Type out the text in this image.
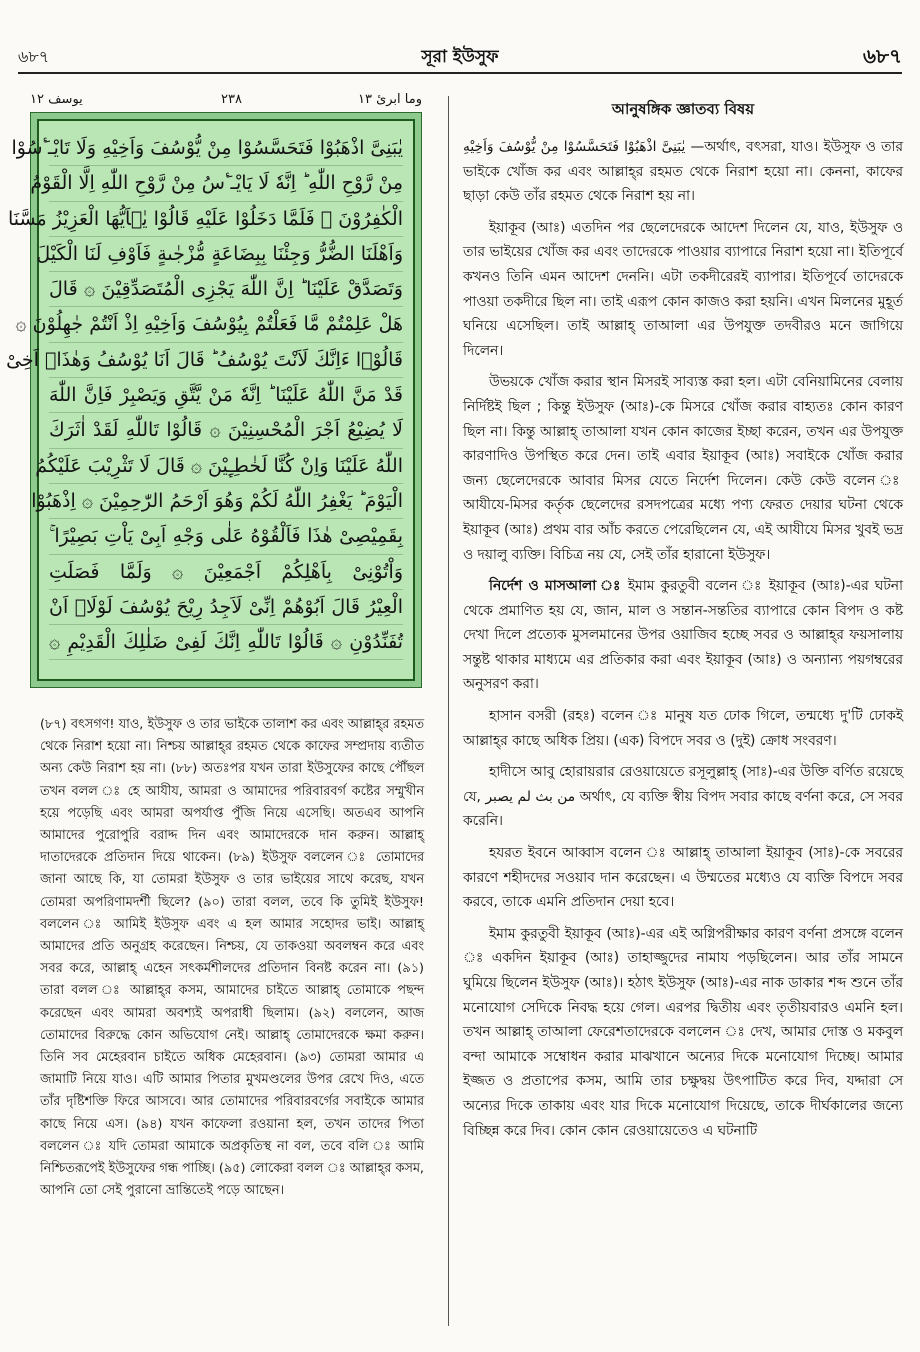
৬৮৭	সূরা ইউসুফ	৬৮৭
وما ابرئ ١٣
٢٣٨
يوسف ١٢
يٰبَنِىَّ اذْهَبُوْا فَتَحَسَّسُوْا مِنْ يُّوْسُفَ وَاَخِيْهِ وَلَا تَايْـٴَسُوْا
مِنْ رَّوْحِ اللّٰهِ ؕ اِنَّهٗ لَا يَايْـٴَسُ مِنْ رَّوْحِ اللّٰهِ اِلَّا الْقَوْمُ
الْكٰفِرُوْنَ ۞ فَلَمَّا دَخَلُوْا عَلَيْهِ قَالُوْا يٰۤاَيُّهَا الْعَزِيْزُ مَسَّنَا
وَاَهْلَنَا الضُّرُّ وَجِئْنَا بِبِضَاعَةٍ مُّزْجٰىةٍ فَاَوْفِ لَنَا الْكَيْلَ
وَتَصَدَّقْ عَلَيْنَا ؕ اِنَّ اللّٰهَ يَجْزِى الْمُتَصَدِّقِيْنَ ۞ قَالَ
هَلْ عَلِمْتُمْ مَّا فَعَلْتُمْ بِيُوْسُفَ وَاَخِيْهِ اِذْ اَنْتُمْ جٰهِلُوْنَ ۞
قَالُوْۤا ءَاِنَّكَ لَاَنْتَ يُوْسُفُ ؕ قَالَ اَنَا يُوْسُفُ وَهٰذَاۤ اَخِىْ
قَدْ مَنَّ اللّٰهُ عَلَيْنَا ؕ اِنَّهٗ مَنْ يَّتَّقِ وَيَصْبِرْ فَاِنَّ اللّٰهَ
لَا يُضِيْعُ اَجْرَ الْمُحْسِنِيْنَ ۞ قَالُوْا تَاللّٰهِ لَقَدْ اٰثَرَكَ
اللّٰهُ عَلَيْنَا وَاِنْ كُنَّا لَخٰطِـِٕيْنَ ۞ قَالَ لَا تَثْرِيْبَ عَلَيْكُمُ
الْيَوْمَ ؕ يَغْفِرُ اللّٰهُ لَكُمْ وَهُوَ اَرْحَمُ الرّٰحِمِيْنَ ۞ اِذْهَبُوْا
بِقَمِيْصِىْ هٰذَا فَاَلْقُوْهُ عَلٰى وَجْهِ اَبِىْ يَاْتِ بَصِيْرًا ۚ
وَاْتُوْنِىْ بِاَهْلِكُمْ اَجْمَعِيْنَ ۞ وَلَمَّا فَصَلَتِ
الْعِيْرُ قَالَ اَبُوْهُمْ اِنِّىْ لَاَجِدُ رِيْحَ يُوْسُفَ لَوْلَاۤ اَنْ
تُفَنِّدُوْنِ ۞ قَالُوْا تَاللّٰهِ اِنَّكَ لَفِىْ ضَلٰلِكَ الْقَدِيْمِ ۞

(৮৭) বৎসগণ! যাও, ইউসুফ ও তার ভাইকে তালাশ কর এবং আল্লাহ্‌র রহমত থেকে নিরাশ হয়ো না। নিশ্চয় আল্লাহ্‌র রহমত থেকে কাফের সম্প্রদায় ব্যতীত অন্য কেউ নিরাশ হয় না। (৮৮) অতঃপর যখন তারা ইউসুফের কাছে পৌঁছল তখন বলল ঃ হে আযীয, আমরা ও আমাদের পরিবারবর্গ কষ্টের সম্মুখীন হয়ে পড়েছি এবং আমরা অপর্যাপ্ত পুঁজি নিয়ে এসেছি। অতএব আপনি আমাদের পুরোপুরি বরাদ্দ দিন এবং আমাদেরকে দান করুন। আল্লাহ্ দাতাদেরকে প্রতিদান দিয়ে থাকেন। (৮৯) ইউসুফ বললেন ঃ তোমাদের জানা আছে কি, যা তোমরা ইউসুফ ও তার ভাইয়ের সাথে করেছ, যখন তোমরা অপরিণামদর্শী ছিলে? (৯০) তারা বলল, তবে কি তুমিই ইউসুফ! বললেন ঃ আমিই ইউসুফ এবং এ হল আমার সহোদর ভাই। আল্লাহ্ আমাদের প্রতি অনুগ্রহ করেছেন। নিশ্চয়, যে তাকওয়া অবলম্বন করে এবং সবর করে, আল্লাহ্ এহেন সৎকর্মশীলদের প্রতিদান বিনষ্ট করেন না। (৯১) তারা বলল ঃ আল্লাহ্‌র কসম, আমাদের চাইতে আল্লাহ্ তোমাকে পছন্দ করেছেন এবং আমরা অবশ্যই অপরাধী ছিলাম। (৯২) বললেন, আজ তোমাদের বিরুদ্ধে কোন অভিযোগ নেই। আল্লাহ্ তোমাদেরকে ক্ষমা করুন। তিনি সব মেহেরবান চাইতে অধিক মেহেরবান। (৯৩) তোমরা আমার এ জামাটি নিয়ে যাও। এটি আমার পিতার মুখমণ্ডলের উপর রেখে দিও, এতে তাঁর দৃষ্টিশক্তি ফিরে আসবে। আর তোমাদের পরিবারবর্গের সবাইকে আমার কাছে নিয়ে এস। (৯৪) যখন কাফেলা রওয়ানা হল, তখন তাদের পিতা বললেন ঃ যদি তোমরা আমাকে অপ্রকৃতিস্থ না বল, তবে বলি ঃ আমি নিশ্চিতরূপেই ইউসুফের গন্ধ পাচ্ছি। (৯৫) লোকেরা বলল ঃ আল্লাহ্‌র কসম, আপনি তো সেই পুরানো ভ্রান্তিতেই পড়ে আছেন।

আনুষঙ্গিক জ্ঞাতব্য বিষয়

يٰبَنِىَّ اذْهَبُوْا فَتَحَسَّسُوْا مِنْ يُّوْسُفَ وَاَخِيْهِ —অর্থাৎ, বৎসরা, যাও। ইউসুফ ও তার ভাইকে খোঁজ কর এবং আল্লাহ্‌র রহমত থেকে নিরাশ হয়ো না। কেননা, কাফের ছাড়া কেউ তাঁর রহমত থেকে নিরাশ হয় না।

ইয়াকূব (আঃ) এতদিন পর ছেলেদেরকে আদেশ দিলেন যে, যাও, ইউসুফ ও তার ভাইয়ের খোঁজ কর এবং তাদেরকে পাওয়ার ব্যাপারে নিরাশ হয়ো না। ইতিপূর্বে কখনও তিনি এমন আদেশ দেননি। এটা তকদীরেরই ব্যাপার। ইতিপূর্বে তাদেরকে পাওয়া তকদীরে ছিল না। তাই এরূপ কোন কাজও করা হয়নি। এখন মিলনের মুহূর্ত ঘনিয়ে এসেছিল। তাই আল্লাহ্ তাআলা এর উপযুক্ত তদবীরও মনে জাগিয়ে দিলেন।

উভয়কে খোঁজ করার স্থান মিসরই সাব্যস্ত করা হল। এটা বেনিয়ামিনের বেলায় নির্দিষ্টই ছিল ; কিন্তু ইউসুফ (আঃ)-কে মিসরে খোঁজ করার বাহ্যতঃ কোন কারণ ছিল না। কিন্তু আল্লাহ্ তাআলা যখন কোন কাজের ইচ্ছা করেন, তখন এর উপযুক্ত কারণাদিও উপস্থিত করে দেন। তাই এবার ইয়াকূব (আঃ) সবাইকে খোঁজ করার জন্য ছেলেদেরকে আবার মিসর যেতে নির্দেশ দিলেন। কেউ কেউ বলেন ঃ আযীযে-মিসর কর্তৃক ছেলেদের রসদপত্রের মধ্যে পণ্য ফেরত দেয়ার ঘটনা থেকে ইয়াকূব (আঃ) প্রথম বার আঁচ করতে পেরেছিলেন যে, এই আযীযে মিসর খুবই ভদ্র ও দয়ালু ব্যক্তি। বিচিত্র নয় যে, সেই তাঁর হারানো ইউসুফ।

নির্দেশ ও মাসআলা ঃ ইমাম কুরতুবী বলেন ঃ ইয়াকূব (আঃ)-এর ঘটনা থেকে প্রমাণিত হয় যে, জান, মাল ও সন্তান-সন্ততির ব্যাপারে কোন বিপদ ও কষ্ট দেখা দিলে প্রত্যেক মুসলমানের উপর ওয়াজিব হচ্ছে সবর ও আল্লাহ্‌র ফয়সালায় সন্তুষ্ট থাকার মাধ্যমে এর প্রতিকার করা এবং ইয়াকূব (আঃ) ও অন্যান্য পয়গম্বরের অনুসরণ করা।

হাসান বসরী (রহঃ) বলেন ঃ মানুষ যত ঢোক গিলে, তন্মধ্যে দু'টি ঢোকই আল্লাহ্‌র কাছে অধিক প্রিয়। (এক) বিপদে সবর ও (দুই) ক্রোধ সংবরণ।

হাদীসে আবু হোরায়রার রেওয়ায়েতে রসূলুল্লাহ্ (সাঃ)-এর উক্তি বর্ণিত রয়েছে যে, من بث لم يصبر অর্থাৎ, যে ব্যক্তি স্বীয় বিপদ সবার কাছে বর্ণনা করে, সে সবর করেনি।

হযরত ইবনে আব্বাস বলেন ঃ আল্লাহ্ তাআলা ইয়াকূব (সাঃ)-কে সবরের কারণে শহীদদের সওয়াব দান করেছেন। এ উম্মতের মধ্যেও যে ব্যক্তি বিপদে সবর করবে, তাকে এমনি প্রতিদান দেয়া হবে।

ইমাম কুরতুবী ইয়াকূব (আঃ)-এর এই অগ্নিপরীক্ষার কারণ বর্ণনা প্রসঙ্গে বলেন ঃ একদিন ইয়াকূব (আঃ) তাহাজ্জুদের নামায পড়ছিলেন। আর তাঁর সামনে ঘুমিয়ে ছিলেন ইউসুফ (আঃ)। হঠাৎ ইউসুফ (আঃ)-এর নাক ডাকার শব্দ শুনে তাঁর মনোযোগ সেদিকে নিবদ্ধ হয়ে গেল। এরপর দ্বিতীয় এবং তৃতীয়বারও এমনি হল। তখন আল্লাহ্ তাআলা ফেরেশতাদেরকে বললেন ঃ দেখ, আমার দোস্ত ও মকবুল বন্দা আমাকে সম্বোধন করার মাঝখানে অন্যের দিকে মনোযোগ দিচ্ছে। আমার ইজ্জত ও প্রতাপের কসম, আমি তার চক্ষুদ্বয় উৎপাটিত করে দিব, যদ্দারা সে অন্যের দিকে তাকায় এবং যার দিকে মনোযোগ দিয়েছে, তাকে দীর্ঘকালের জন্যে বিচ্ছিন্ন করে দিব। কোন কোন রেওয়ায়েতেও এ ঘটনাটি
